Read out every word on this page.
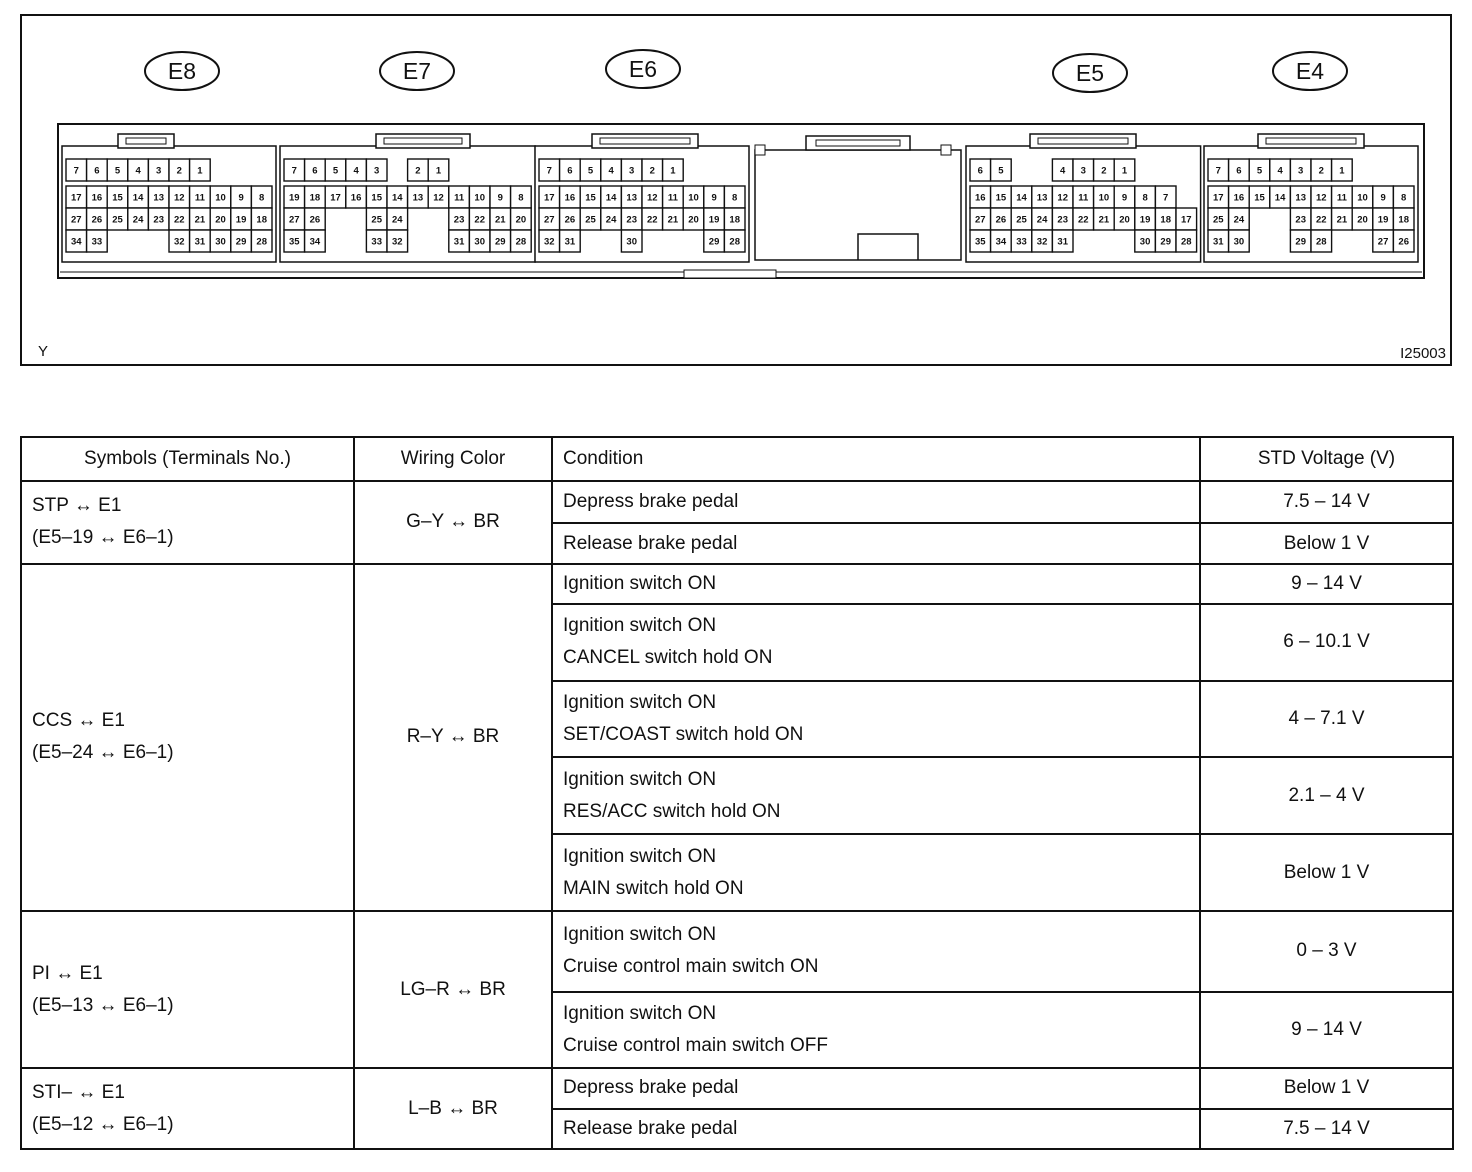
E8
7 6 5 4 3 2 1
17 16 15 14 13 12 11 10 9 8
27 26 25 24 23 22 21 20 19 18
34 33	32 31 30 29 28
E7
7 6 5 4 3	2 1
19 18 17 16 15 14 13 12 11 10 9 8
27 26	25 24	23 22 21 20
35 34	33 32	31 30 29 28
E6
7 6 5 4 3 2 1
17 16 15 14 13 12 11 10 9 8
27 26 25 24 23 22 21 20 19 18
32 31	30	29 28
E5
6 5	4 3 2 1
16 15 14 13 12 11 10 9 8 7
27 26 25 24 23 22 21 20 19 18 17
35 34 33 32 31	30 29 28
E4
7 6 5 4 3 2 1
17 16 15 14 13 12 11 10 9 8
25 24	23 22 21 20 19 18
31 30	29 28	27 26
Y	I25003
Symbols (Terminals No.)	Wiring Color	Condition	STD Voltage (V)

STP ↔ E1
(E5–19 ↔ E6–1)	G–Y ↔ BR	Depress brake pedal	7.5 – 14 V

		Release brake pedal	Below 1 V

CCS ↔ E1
(E5–24 ↔ E6–1)	R–Y ↔ BR	Ignition switch ON	9 – 14 V

		Ignition switch ON
CANCEL switch hold ON	6 – 10.1 V

		Ignition switch ON
SET/COAST switch hold ON	4 – 7.1 V

		Ignition switch ON
RES/ACC switch hold ON	2.1 – 4 V

		Ignition switch ON
MAIN switch hold ON	Below 1 V

PI ↔ E1
(E5–13 ↔ E6–1)	LG–R ↔ BR	Ignition switch ON
Cruise control main switch ON	0 – 3 V

		Ignition switch ON
Cruise control main switch OFF	9 – 14 V

STI– ↔ E1
(E5–12 ↔ E6–1)	L–B ↔ BR	Depress brake pedal	Below 1 V

		Release brake pedal	7.5 – 14 V
